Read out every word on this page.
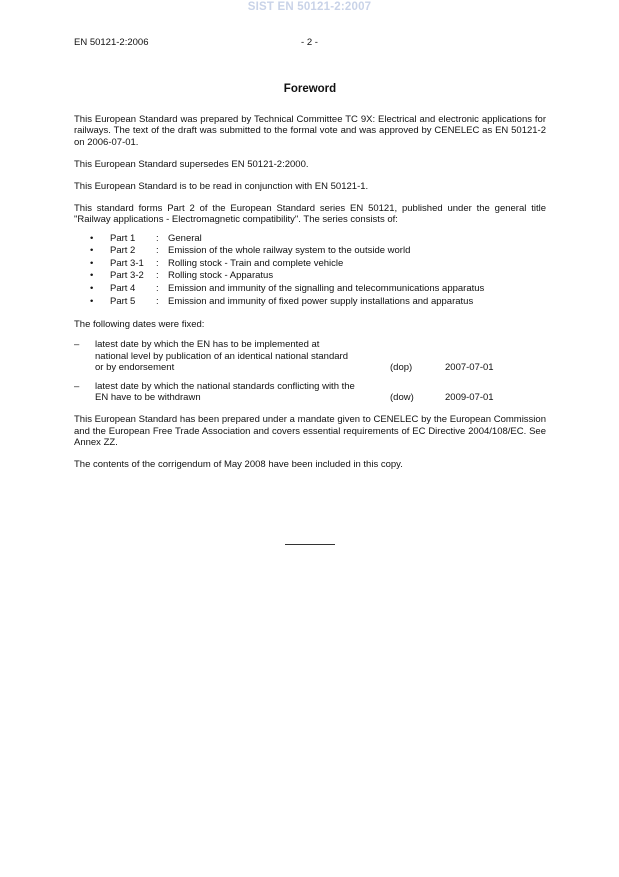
SIST EN 50121-2:2007
EN 50121-2:2006	- 2 -
Foreword

This European Standard was prepared by Technical Committee TC 9X: Electrical and electronic applications for railways. The text of the draft was submitted to the formal vote and was approved by CENELEC as EN 50121-2 on 2006-07-01.

This European Standard supersedes EN 50121-2:2000.

This European Standard is to be read in conjunction with EN 50121-1.

This standard forms Part 2 of the European Standard series EN 50121, published under the general title "Railway applications - Electromagnetic compatibility". The series consists of:

•	Part 1	: General
•	Part 2	: Emission of the whole railway system to the outside world
•	Part 3-1	: Rolling stock - Train and complete vehicle
•	Part 3-2	: Rolling stock - Apparatus
•	Part 4	: Emission and immunity of the signalling and telecommunications apparatus
•	Part 5	: Emission and immunity of fixed power supply installations and apparatus

The following dates were fixed:

–	latest date by which the EN has to be implemented at national level by publication of an identical national standard or by endorsement	(dop)	2007-07-01
–	latest date by which the national standards conflicting with the EN have to be withdrawn	(dow)	2009-07-01

This European Standard has been prepared under a mandate given to CENELEC by the European Commission and the European Free Trade Association and covers essential requirements of EC Directive 2004/108/EC. See Annex ZZ.

The contents of the corrigendum of May 2008 have been included in this copy.
